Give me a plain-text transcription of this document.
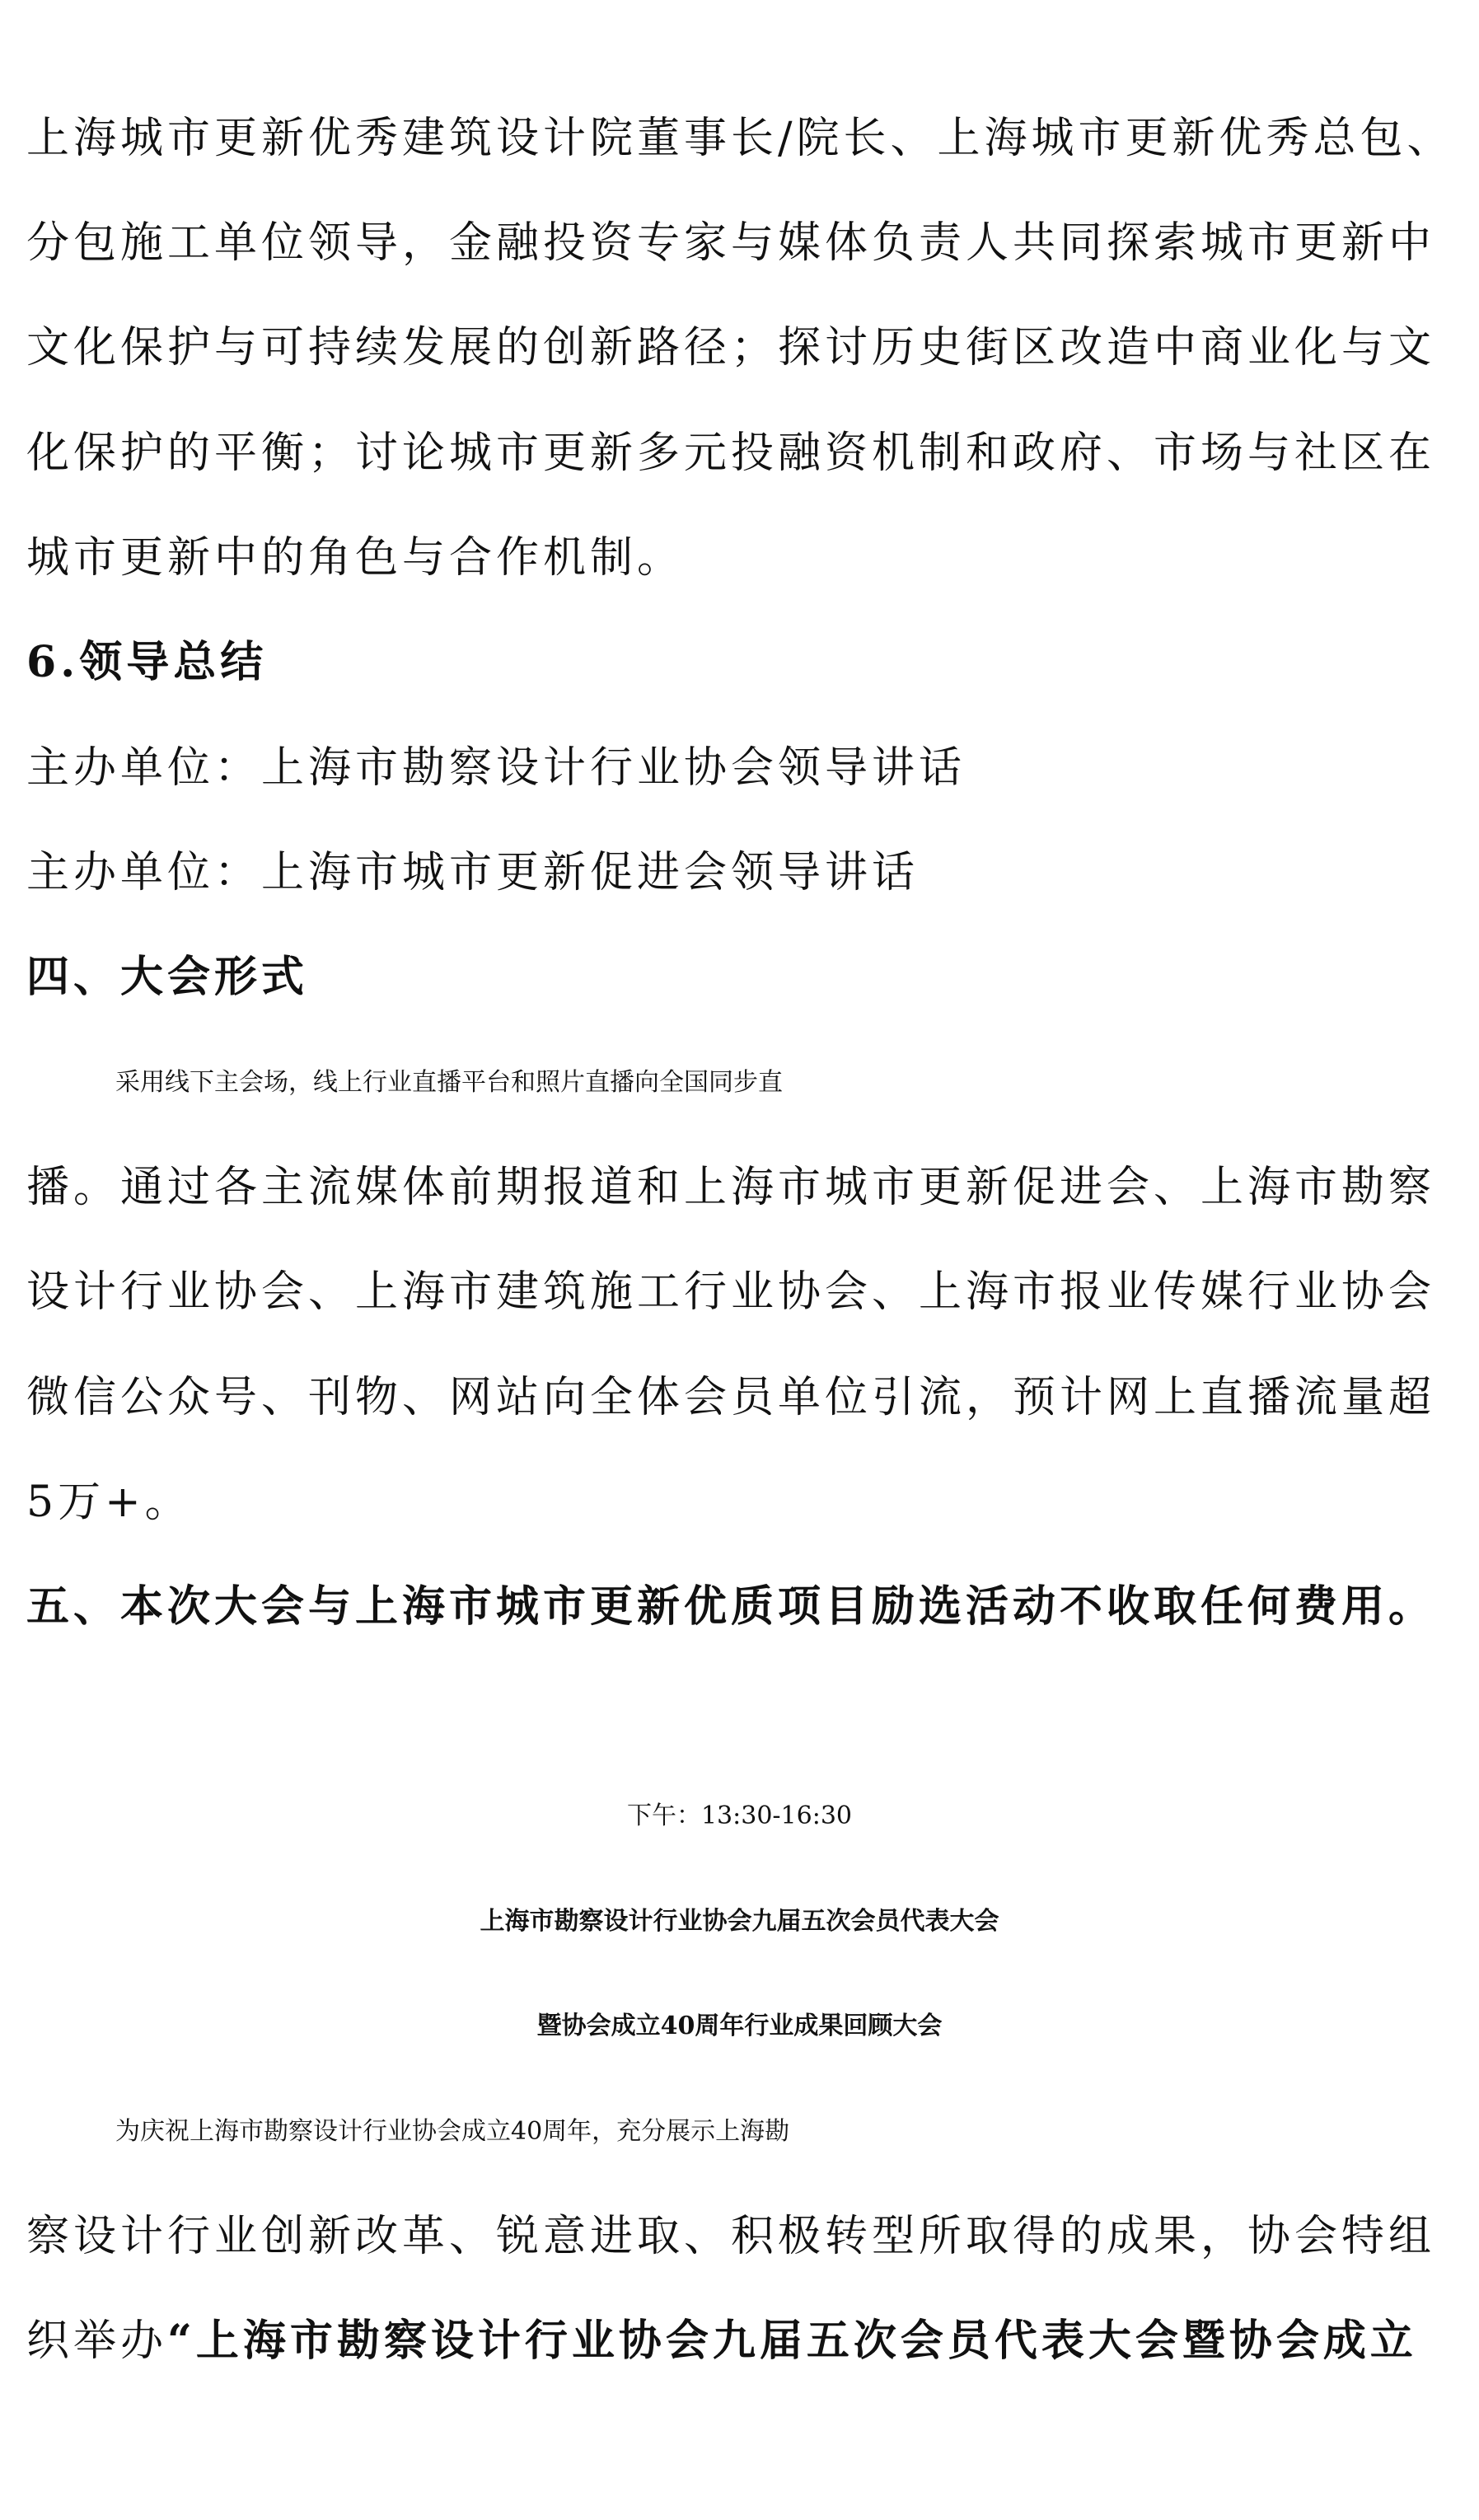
上海城市更新优秀建筑设计院董事长/院长、上海城市更新优秀总包、
分包施工单位领导，金融投资专家与媒体负责人共同探索城市更新中
文化保护与可持续发展的创新路径；探讨历史街区改造中商业化与文
化保护的平衡；讨论城市更新多元投融资机制和政府、市场与社区在
城市更新中的角色与合作机制。
6.领导总结
主办单位：上海市勘察设计行业协会领导讲话
主办单位：上海市城市更新促进会领导讲话
四、大会形式
采用线下主会场，线上行业直播平台和照片直播向全国同步直
播。通过各主流媒体前期报道和上海市城市更新促进会、上海市勘察
设计行业协会、上海市建筑施工行业协会、上海市报业传媒行业协会
微信公众号、刊物、网站向全体会员单位引流，预计网上直播流量超
5万+。
五、本次大会与上海市城市更新优质项目励选活动不收取任何费用。
下午：13:30-16:30
上海市勘察设计行业协会九届五次会员代表大会
暨协会成立40周年行业成果回顾大会
为庆祝上海市勘察设计行业协会成立40周年，充分展示上海勘
察设计行业创新改革、锐意进取、积极转型所取得的成果，协会特组
织举办“上海市勘察设计行业协会九届五次会员代表大会暨协会成立
